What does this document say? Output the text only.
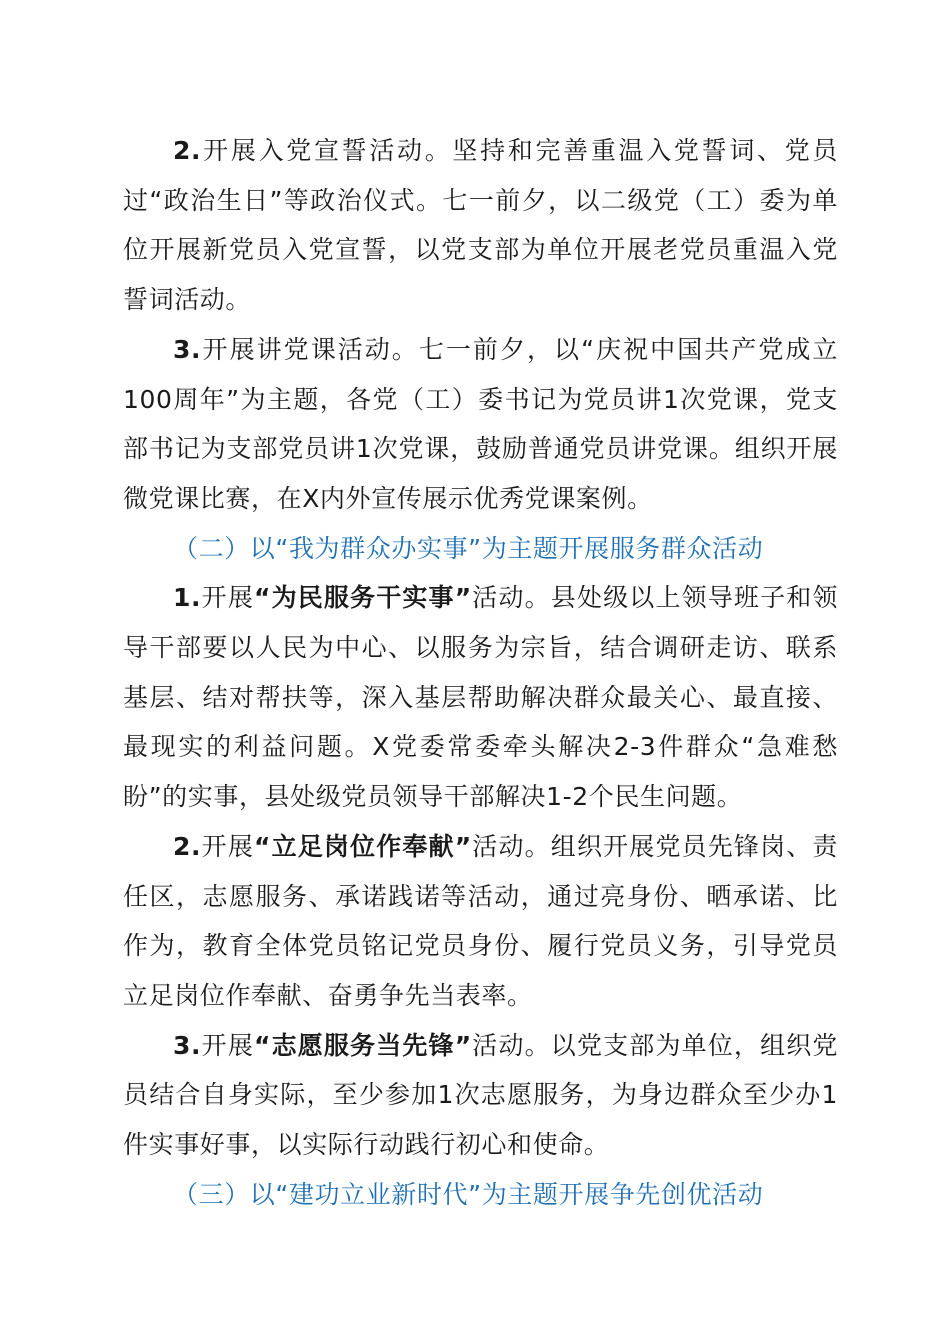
2.开展入党宣誓活动。坚持和完善重温入党誓词、党员过“政治生日”等政治仪式。七一前夕，以二级党（工）委为单位开展新党员入党宣誓，以党支部为单位开展老党员重温入党誓词活动。

3.开展讲党课活动。七一前夕，以“庆祝中国共产党成立100周年”为主题，各党（工）委书记为党员讲1次党课，党支部书记为支部党员讲1次党课，鼓励普通党员讲党课。组织开展微党课比赛，在X内外宣传展示优秀党课案例。

（二）以“我为群众办实事”为主题开展服务群众活动

1.开展“为民服务干实事”活动。县处级以上领导班子和领导干部要以人民为中心、以服务为宗旨，结合调研走访、联系基层、结对帮扶等，深入基层帮助解决群众最关心、最直接、最现实的利益问题。X党委常委牵头解决2-3件群众“急难愁盼”的实事，县处级党员领导干部解决1-2个民生问题。

2.开展“立足岗位作奉献”活动。组织开展党员先锋岗、责任区，志愿服务、承诺践诺等活动，通过亮身份、晒承诺、比作为，教育全体党员铭记党员身份、履行党员义务，引导党员立足岗位作奉献、奋勇争先当表率。

3.开展“志愿服务当先锋”活动。以党支部为单位，组织党员结合自身实际，至少参加1次志愿服务，为身边群众至少办1件实事好事，以实际行动践行初心和使命。

（三）以“建功立业新时代”为主题开展争先创优活动
